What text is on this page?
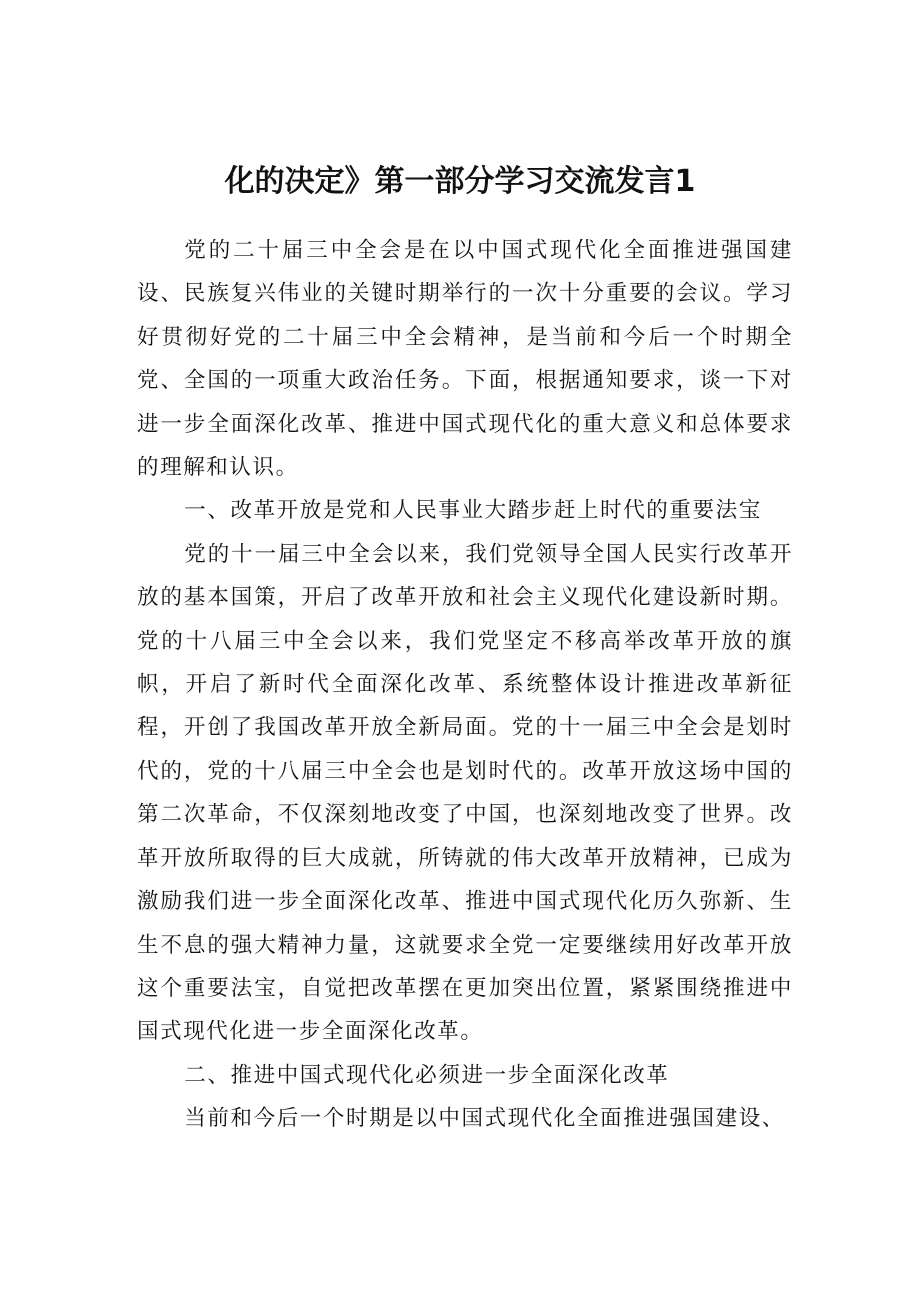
化的决定》第一部分学习交流发言1

党的二十届三中全会是在以中国式现代化全面推进强国建设、民族复兴伟业的关键时期举行的一次十分重要的会议。学习好贯彻好党的二十届三中全会精神，是当前和今后一个时期全党、全国的一项重大政治任务。下面，根据通知要求，谈一下对进一步全面深化改革、推进中国式现代化的重大意义和总体要求的理解和认识。

一、改革开放是党和人民事业大踏步赶上时代的重要法宝

党的十一届三中全会以来，我们党领导全国人民实行改革开放的基本国策，开启了改革开放和社会主义现代化建设新时期。党的十八届三中全会以来，我们党坚定不移高举改革开放的旗帜，开启了新时代全面深化改革、系统整体设计推进改革新征程，开创了我国改革开放全新局面。党的十一届三中全会是划时代的，党的十八届三中全会也是划时代的。改革开放这场中国的第二次革命，不仅深刻地改变了中国，也深刻地改变了世界。改革开放所取得的巨大成就，所铸就的伟大改革开放精神，已成为激励我们进一步全面深化改革、推进中国式现代化历久弥新、生生不息的强大精神力量，这就要求全党一定要继续用好改革开放这个重要法宝，自觉把改革摆在更加突出位置，紧紧围绕推进中国式现代化进一步全面深化改革。

二、推进中国式现代化必须进一步全面深化改革

当前和今后一个时期是以中国式现代化全面推进强国建设、
